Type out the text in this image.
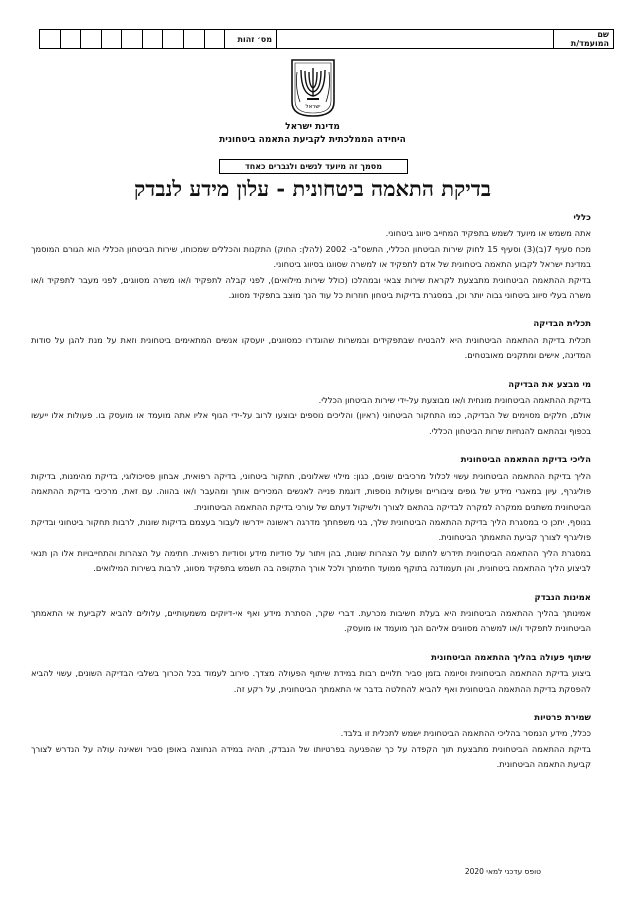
שם המועמד/ת
מס׳ זהות
ישראל
מדינת ישראל
היחידה הממלכתית לקביעת התאמה ביטחונית
מסמך זה מיועד לנשים ולגברים כאחד
בדיקת התאמה ביטחונית - עלון מידע לנבדק
כללי

אתה משמש או מיועד לשמש בתפקיד המחייב סיווג ביטחוני.

מכח סעיף 7(ב)(3) וסעיף 15 לחוק שירות הביטחון הכללי, התשס"ב- 2002 (להלן: החוק) התקנות והכללים שמכוחו, שירות הביטחון הכללי הוא הגורם המוסמך במדינת ישראל לקבוע התאמה ביטחונית של אדם לתפקיד או למשרה שסווגו בסיווג ביטחוני.

בדיקת ההתאמה הביטחונית מתבצעת לקראת שירות צבאי ובמהלכו (כולל שירות מילואים), לפני קבלה לתפקיד ו/או משרה מסווגים, לפני מעבר לתפקיד ו/או משרה בעלי סיווג ביטחוני גבוה יותר וכן, במסגרת בדיקות ביטחון חוזרות כל עוד הנך מוצב בתפקיד מסווג.

תכלית הבדיקה

תכלית בדיקת ההתאמה הביטחונית היא להבטיח שבתפקידים ובמשרות שהוגדרו כמסווגים, יועסקו אנשים המתאימים ביטחונית וזאת על מנת להגן על סודות המדינה, אישים ומתקנים מאובטחים.

מי מבצע את הבדיקה

בדיקת ההתאמה הביטחונית מונחית ו/או מבוצעת על-ידי שירות הביטחון הכללי.

אולם, חלקים מסוימים של הבדיקה, כמו התחקור הביטחוני (ראיון) והליכים נוספים יבוצעו לרוב על-ידי הגוף אליו אתה מועמד או מועסק בו. פעולות אלו ייעשו בכפוף ובהתאם להנחיות שרות הביטחון הכללי.

הליכי בדיקת ההתאמה הביטחונית

הליך בדיקת ההתאמה הביטחונית עשוי לכלול מרכיבים שונים, כגון: מילוי שאלונים, תחקור ביטחוני, בדיקה רפואית, אבחון פסיכולוגי, בדיקת מהימנות, בדיקות פוליגרף, עיון במאגרי מידע של גופים ציבוריים ופעולות נוספות, דוגמת פנייה לאנשים המכירים אותך ומהעבר ו/או בהווה. עם זאת, מרכיבי בדיקת ההתאמה הביטחונית משתנים ממקרה למקרה לבדיקה בהתאם לצורך ולשיקול דעתם של עורכי בדיקת ההתאמה הביטחונית.

בנוסף, יתכן כי במסגרת הליך בדיקת ההתאמה הביטחונית שלך, בני משפחתך מדרגה ראשונה יידרשו לעבור בעצמם בדיקות שונות, לרבות תחקור ביטחוני ובדיקת פוליגרף לצורך קביעת התאמתך הביטחונית.

במסגרת הליך ההתאמה הביטחונית תידרש לחתום על הצהרות שונות, בהן ויתור על סודיות מידע וסודיות רפואית. חתימה על הצהרות והתחייבויות אלו הן תנאי לביצוע הליך ההתאמה ביטחונית, והן תעמודנה בתוקף ממועד חתימתך ולכל אורך התקופה בה תשמש בתפקיד מסווג, לרבות בשירות המילואים.

אמינות הנבדק

אמינותך בהליך ההתאמה הביטחונית היא בעלת חשיבות מכרעת. דברי שקר, הסתרת מידע ואף אי-דיוקים משמעותיים, עלולים להביא לקביעת אי התאמתך הביטחונית לתפקיד ו/או למשרה מסווגים אליהם הנך מועמד או מועסק.

שיתוף פעולה בהליך ההתאמה הביטחונית

ביצוע בדיקת ההתאמה הביטחונית וסיומה בזמן סביר תלויים רבות במידת שיתוף הפעולה מצדך. סירוב לעמוד בכל הכרוך בשלבי הבדיקה השונים, עשוי להביא להפסקת בדיקת ההתאמה הביטחונית ואף להביא להחלטה בדבר אי התאמתך הביטחונית, על רקע זה.

שמירת פרטיות

ככלל, מידע הנמסר בהליכי ההתאמה הביטחונית ישמש לתכלית זו בלבד.

בדיקת ההתאמה הביטחונית מתבצעת תוך הקפדה על כך שהפגיעה בפרטיותו של הנבדק, תהיה במידה הנחוצה באופן סביר ושאינה עולה על הנדרש לצורך קביעת התאמה הביטחונית.

טופס עדכני למאי 2020
